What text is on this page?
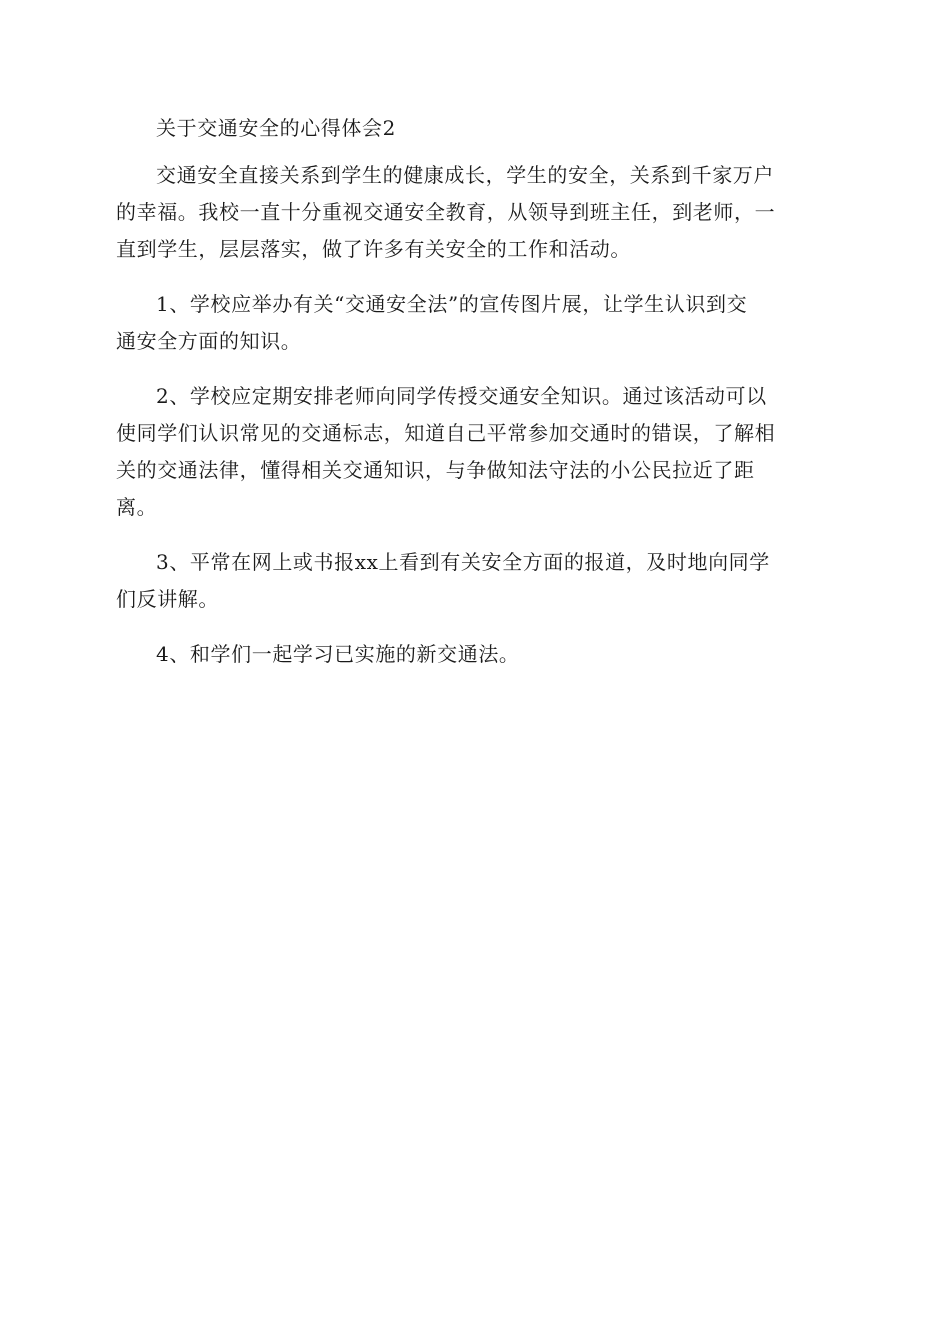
关于交通安全的心得体会2

交通安全直接关系到学生的健康成长，学生的安全，关系到千家万户
的幸福。我校一直十分重视交通安全教育，从领导到班主任，到老师，一
直到学生，层层落实，做了许多有关安全的工作和活动。

1、学校应举办有关“交通安全法”的宣传图片展，让学生认识到交
通安全方面的知识。

2、学校应定期安排老师向同学传授交通安全知识。通过该活动可以
使同学们认识常见的交通标志，知道自己平常参加交通时的错误，了解相
关的交通法律，懂得相关交通知识，与争做知法守法的小公民拉近了距
离。

3、平常在网上或书报xx上看到有关安全方面的报道，及时地向同学
们反讲解。

4、和学们一起学习已实施的新交通法。
